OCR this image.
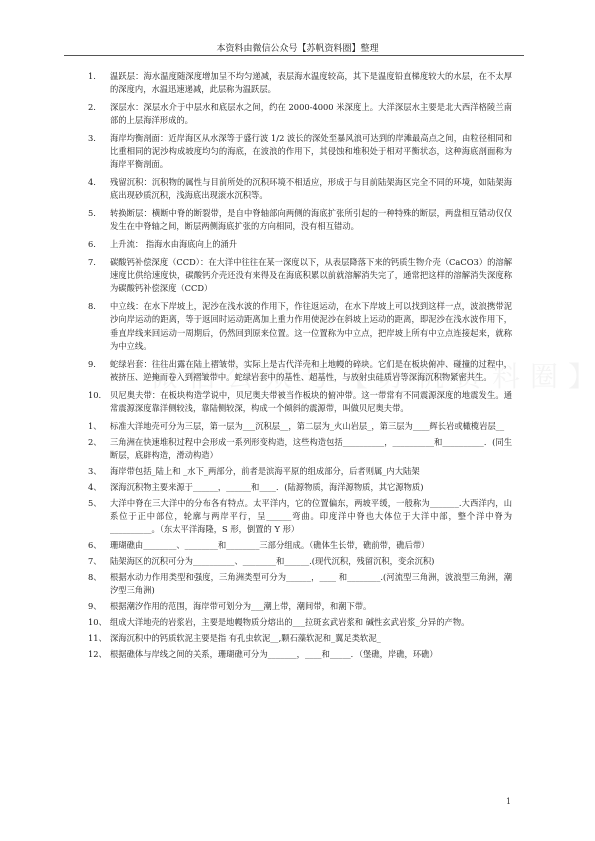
本资料由微信公众号【苏帆资料圈】整理
1.	温跃层：海水温度随深度增加呈不均匀递减，表层海水温度较高，其下是温度铅直梯度较大的水层，在不太厚的深度内，水温迅速递减，此层称为温跃层。
2.	深层水：深层水介于中层水和底层水之间，约在 2000-4000 米深度上。大洋深层水主要是北大西洋格陵兰南部的上层海洋形成的。
3.	海岸均衡剖面：近岸海区从水深等于盛行波 1/2 波长的深处至暴风浪可达到的岸滩最高点之间，由粒径相同和比重相同的泥沙构成坡度均匀的海底，在波浪的作用下，其侵蚀和堆积处于相对平衡状态，这种海底剖面称为海岸平衡剖面。
4.	残留沉积：沉积物的属性与目前所处的沉积环境不相适应，形成于与目前陆架海区完全不同的环境，如陆架海底出现砂质沉积，浅海底出现滚水沉积等。
5.	转换断层：横断中脊的断裂带，是自中脊轴部向两侧的海底扩张所引起的一种特殊的断层，两盘相互错动仅仅发生在中脊轴之间，断层两侧海底扩张的方向相同，没有相互错动。
6.	上升流： 指海水由海底向上的涌升
7.	碳酸钙补偿深度（CCD）：在大洋中往往在某一深度以下，从表层降落下来的钙质生物介壳（CaCO3）的溶解速度比供给速度快，碳酸钙介壳还没有来得及在海底积累以前就溶解消失完了，通常把这样的溶解消失深度称为碳酸钙补偿深度（CCD）
8.	中立线：在水下岸坡上，泥沙在浅水波的作用下，作往返运动，在水下岸坡上可以找到这样一点，波浪携带泥沙向岸运动的距离，等于返回时运动距离加上重力作用使泥沙在斜坡上运动的距离，即泥沙在浅水波作用下，垂直岸线来回运动一周期后，仍然回到原来位置。这一位置称为中立点，把岸坡上所有中立点连接起来，就称为中立线。
9.	蛇绿岩套：往往出露在陆上褶皱带，实际上是古代洋壳和上地幔的碎块。它们是在板块俯冲、碰撞的过程中，被挤压、逆掩而卷入到褶皱带中。蛇绿岩套中的基性、超基性，与放射虫硅质岩等深海沉积物紧密共生。
10.	贝尼奥夫带：在板块构造学说中，贝尼奥夫带被当作板块的俯冲带。这一带常有不同震源深度的地震发生。通常震源深度靠洋侧较浅，靠陆侧较深，构成一个倾斜的震源带，叫做贝尼奥夫带。
1、	标准大洋地壳可分为三层，第一层为___沉积层__，第二层为_火山岩层_，第三层为____辉长岩或橄榄岩层__
2、	三角洲在快速堆积过程中会形成一系列形变构造，这些构造包括__________，__________和__________．(同生断层，底辟构造，滑动构造）
3、	海岸带包括_陆上和 _水下_两部分，前者是滨海平原的组成部分，后者则属_内大陆架
4、	深海沉积物主要来源于______，______和____．(陆源物质，海洋源物质，其它源物质)
5、	大洋中脊在三大洋中的分布各有特点。太平洋内，它的位置偏东，两坡平缓，一般称为_______.大西洋内，山系位于正中部位，轮廓与两岸平行，呈______弯曲。印度洋中脊也大体位于大洋中部，整个洋中脊为__________。（东太平洋海隆，S 形，倒置的 Y 形）
6、	珊瑚礁由________、________和________三部分组成。（礁体生长带，礁前带，礁后带）
7、	陆架海区的沉积可分为__________、________和______.(现代沉积，残留沉积，变余沉积)
8、	根据水动力作用类型和强度，三角洲类型可分为______，____ 和________.(河流型三角洲，波浪型三角洲，潮汐型三角洲)
9、	根据潮汐作用的范围，海岸带可划分为___潮上带，潮间带，和潮下带。
10、 组成大洋地壳的岩浆岩，主要是地幔物质分熔出的___拉斑玄武岩浆和 碱性玄武岩浆_分异的产物。
11、 深海沉积中的钙质软泥主要是指 有孔虫软泥__,颗石藻软泥和_翼足类软泥_
12、 根据礁体与岸线之间的关系，珊瑚礁可分为_______，____和_____．（堡礁，岸礁，环礁）
1
